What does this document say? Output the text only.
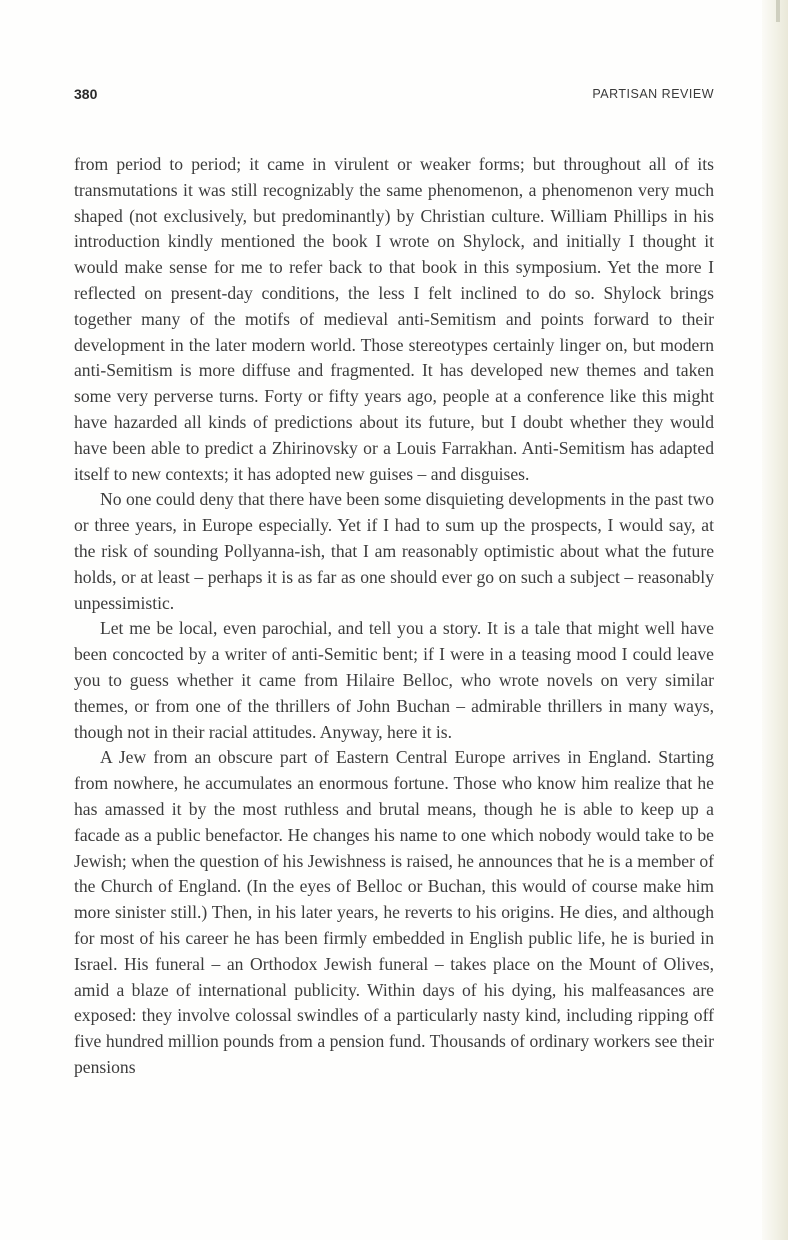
380	PARTISAN REVIEW

from period to period; it came in virulent or weaker forms; but throughout all of its transmutations it was still recognizably the same phenomenon, a phenomenon very much shaped (not exclusively, but predominantly) by Christian culture. William Phillips in his introduction kindly mentioned the book I wrote on Shylock, and initially I thought it would make sense for me to refer back to that book in this symposium. Yet the more I reflected on present-day conditions, the less I felt inclined to do so. Shylock brings together many of the motifs of medieval anti-Semitism and points forward to their development in the later modern world. Those stereotypes certainly linger on, but modern anti-Semitism is more diffuse and fragmented. It has developed new themes and taken some very perverse turns. Forty or fifty years ago, people at a conference like this might have hazarded all kinds of predictions about its future, but I doubt whether they would have been able to predict a Zhirinovsky or a Louis Farrakhan. Anti-Semitism has adapted itself to new contexts; it has adopted new guises – and disguises.

No one could deny that there have been some disquieting developments in the past two or three years, in Europe especially. Yet if I had to sum up the prospects, I would say, at the risk of sounding Pollyanna-ish, that I am reasonably optimistic about what the future holds, or at least – perhaps it is as far as one should ever go on such a subject – reasonably unpessimistic.

Let me be local, even parochial, and tell you a story. It is a tale that might well have been concocted by a writer of anti-Semitic bent; if I were in a teasing mood I could leave you to guess whether it came from Hilaire Belloc, who wrote novels on very similar themes, or from one of the thrillers of John Buchan – admirable thrillers in many ways, though not in their racial attitudes. Anyway, here it is.

A Jew from an obscure part of Eastern Central Europe arrives in England. Starting from nowhere, he accumulates an enormous fortune. Those who know him realize that he has amassed it by the most ruthless and brutal means, though he is able to keep up a facade as a public benefactor. He changes his name to one which nobody would take to be Jewish; when the question of his Jewishness is raised, he announces that he is a member of the Church of England. (In the eyes of Belloc or Buchan, this would of course make him more sinister still.) Then, in his later years, he reverts to his origins. He dies, and although for most of his career he has been firmly embedded in English public life, he is buried in Israel. His funeral – an Orthodox Jewish funeral – takes place on the Mount of Olives, amid a blaze of international publicity. Within days of his dying, his malfeasances are exposed: they involve colossal swindles of a particularly nasty kind, including ripping off five hundred million pounds from a pension fund. Thousands of ordinary workers see their pensions
